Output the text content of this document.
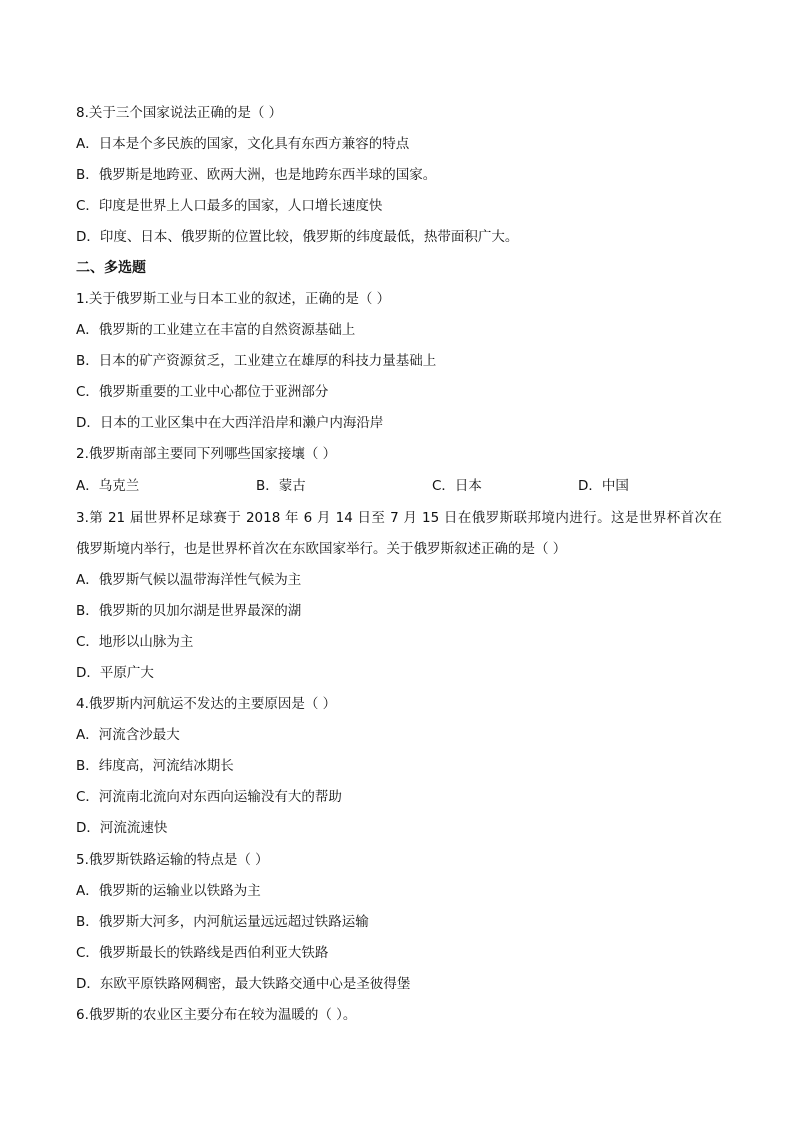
8.关于三个国家说法正确的是（ ）
A．日本是个多民族的国家，文化具有东西方兼容的特点
B．俄罗斯是地跨亚、欧两大洲，也是地跨东西半球的国家。
C．印度是世界上人口最多的国家，人口增长速度快
D．印度、日本、俄罗斯的位置比较，俄罗斯的纬度最低，热带面积广大。
二、多选题
1.关于俄罗斯工业与日本工业的叙述，正确的是（ ）
A．俄罗斯的工业建立在丰富的自然资源基础上
B．日本的矿产资源贫乏，工业建立在雄厚的科技力量基础上
C．俄罗斯重要的工业中心都位于亚洲部分
D．日本的工业区集中在大西洋沿岸和濑户内海沿岸
2.俄罗斯南部主要同下列哪些国家接壤（ ）
A．乌克兰	B．蒙古	C．日本	D．中国
3.第 21 届世界杯足球赛于 2018 年 6 月 14 日至 7 月 15 日在俄罗斯联邦境内进行。这是世界杯首次在
俄罗斯境内举行，也是世界杯首次在东欧国家举行。关于俄罗斯叙述正确的是（ ）
A．俄罗斯气候以温带海洋性气候为主
B．俄罗斯的贝加尔湖是世界最深的湖
C．地形以山脉为主
D．平原广大
4.俄罗斯内河航运不发达的主要原因是（ ）
A．河流含沙最大
B．纬度高，河流结冰期长
C．河流南北流向对东西向运输没有大的帮助
D．河流流速快
5.俄罗斯铁路运输的特点是（ ）
A．俄罗斯的运输业以铁路为主
B．俄罗斯大河多，内河航运量远远超过铁路运输
C．俄罗斯最长的铁路线是西伯利亚大铁路
D．东欧平原铁路网稠密，最大铁路交通中心是圣彼得堡
6.俄罗斯的农业区主要分布在较为温暖的（ ）。
